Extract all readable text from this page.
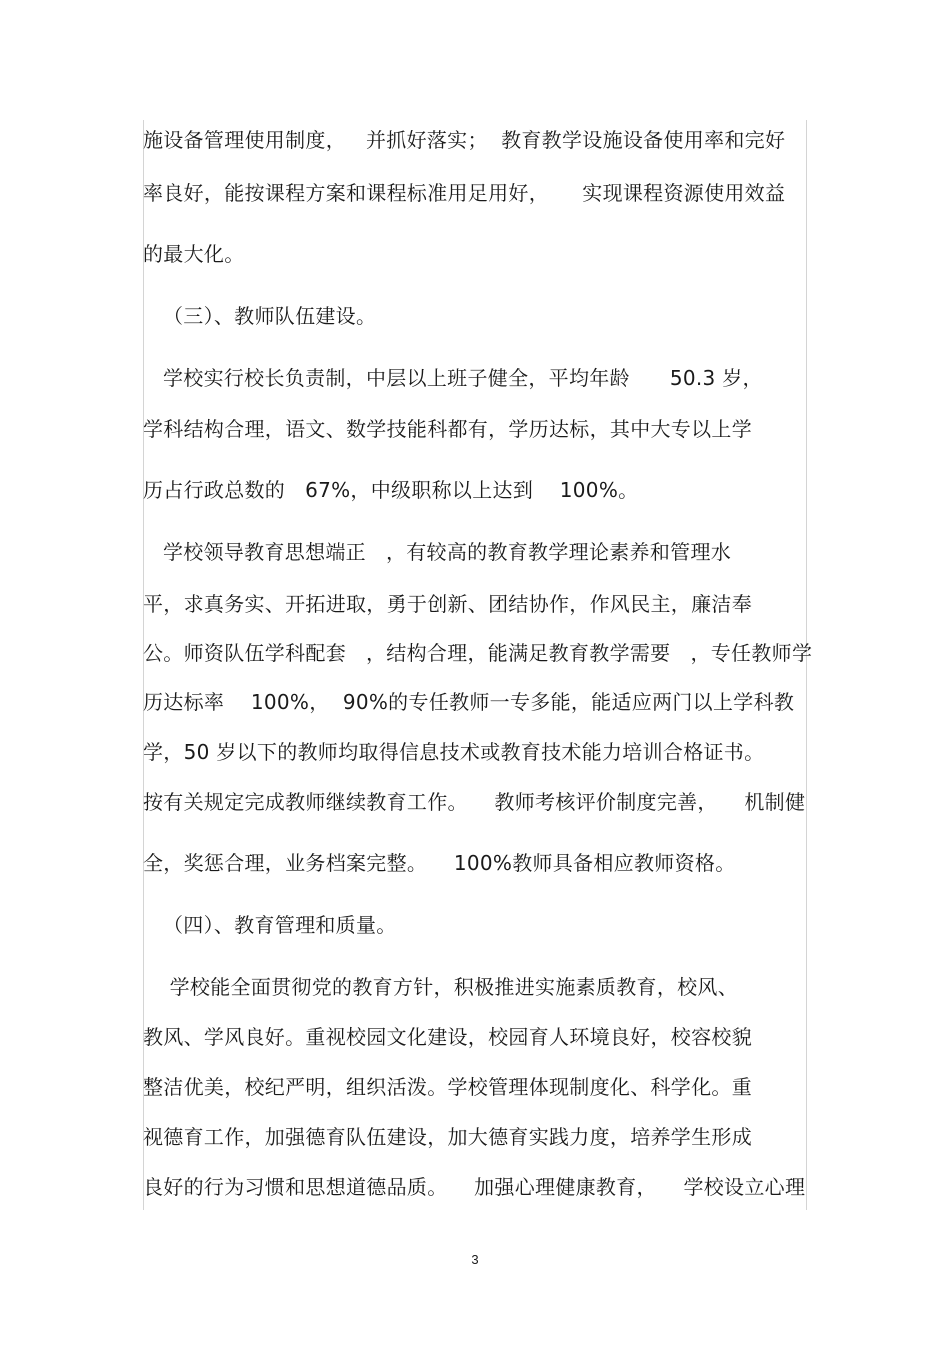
施设备管理使用制度，   并抓好落实；  教育教学设施设备使用率和完好
率良好，能按课程方案和课程标准用足用好，     实现课程资源使用效益
的最大化。
（三）、教师队伍建设。
学校实行校长负责制，中层以上班子健全，平均年龄      50.3 岁，
学科结构合理，语文、数学技能科都有，学历达标，其中大专以上学
历占行政总数的   67%，中级职称以上达到    100%。
学校领导教育思想端正   ，有较高的教育教学理论素养和管理水
平，求真务实、开拓进取，勇于创新、团结协作，作风民主，廉洁奉
公。师资队伍学科配套   ，结构合理，能满足教育教学需要   ，专任教师学
历达标率    100%，  90%的专任教师一专多能，能适应两门以上学科教
学，50 岁以下的教师均取得信息技术或教育技术能力培训合格证书。
按有关规定完成教师继续教育工作。    教师考核评价制度完善，    机制健
全，奖惩合理，业务档案完整。    100%教师具备相应教师资格。
（四）、教育管理和质量。
学校能全面贯彻党的教育方针，积极推进实施素质教育，校风、
教风、学风良好。重视校园文化建设，校园育人环境良好，校容校貌
整洁优美，校纪严明，组织活泼。学校管理体现制度化、科学化。重
视德育工作，加强德育队伍建设，加大德育实践力度，培养学生形成
良好的行为习惯和思想道德品质。    加强心理健康教育，    学校设立心理
3
